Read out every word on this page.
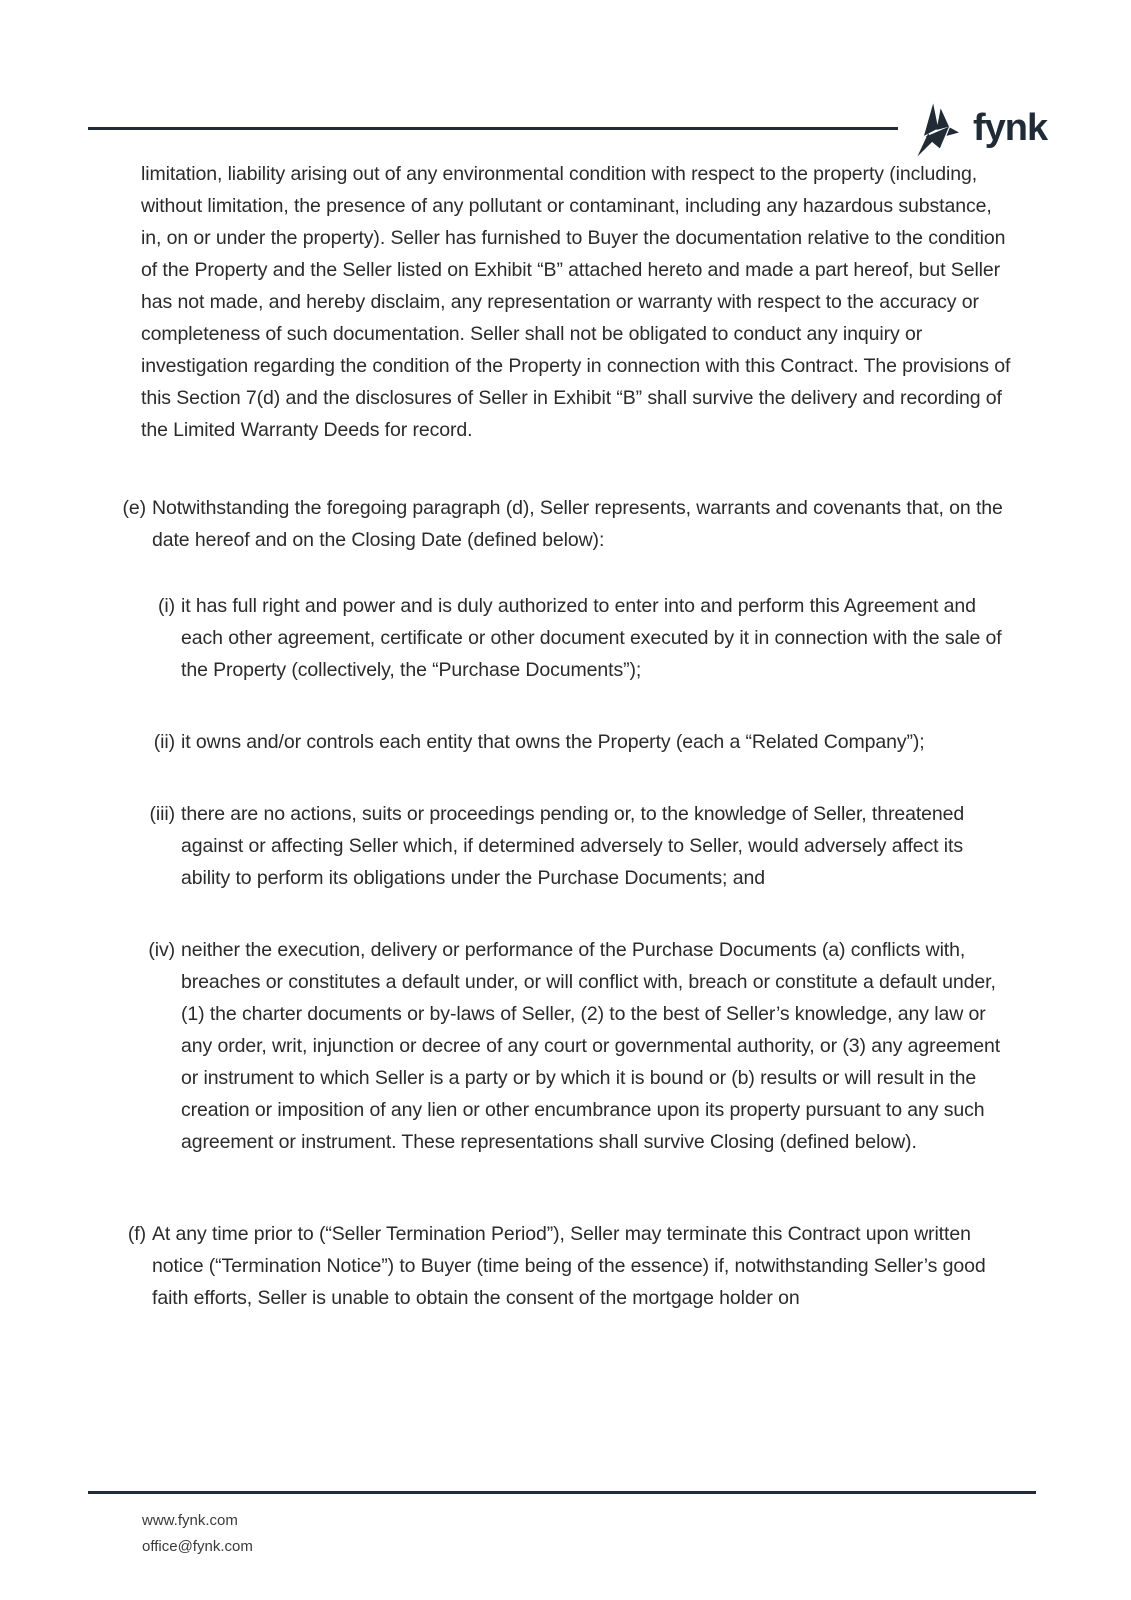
fynk
limitation, liability arising out of any environmental condition with respect to the property (including, without limitation, the presence of any pollutant or contaminant, including any hazardous substance, in, on or under the property). Seller has furnished to Buyer the documentation relative to the condition of the Property and the Seller listed on Exhibit “B” attached hereto and made a part hereof, but Seller has not made, and hereby disclaim, any representation or warranty with respect to the accuracy or completeness of such documentation. Seller shall not be obligated to conduct any inquiry or investigation regarding the condition of the Property in connection with this Contract. The provisions of this Section 7(d) and the disclosures of Seller in Exhibit “B” shall survive the delivery and recording of the Limited Warranty Deeds for record.
(e) Notwithstanding the foregoing paragraph (d), Seller represents, warrants and covenants that, on the date hereof and on the Closing Date (defined below):
(i) it has full right and power and is duly authorized to enter into and perform this Agreement and each other agreement, certificate or other document executed by it in connection with the sale of the Property (collectively, the “Purchase Documents”);
(ii) it owns and/or controls each entity that owns the Property (each a “Related Company”);
(iii) there are no actions, suits or proceedings pending or, to the knowledge of Seller, threatened against or affecting Seller which, if determined adversely to Seller, would adversely affect its ability to perform its obligations under the Purchase Documents; and
(iv) neither the execution, delivery or performance of the Purchase Documents (a) conflicts with, breaches or constitutes a default under, or will conflict with, breach or constitute a default under, (1) the charter documents or by-laws of Seller, (2) to the best of Seller’s knowledge, any law or any order, writ, injunction or decree of any court or governmental authority, or (3) any agreement or instrument to which Seller is a party or by which it is bound or (b) results or will result in the creation or imposition of any lien or other encumbrance upon its property pursuant to any such agreement or instrument. These representations shall survive Closing (defined below).
(f) At any time prior to (“Seller Termination Period”), Seller may terminate this Contract upon written notice (“Termination Notice”) to Buyer (time being of the essence) if, notwithstanding Seller’s good faith efforts, Seller is unable to obtain the consent of the mortgage holder on
www.fynk.com
office@fynk.com
